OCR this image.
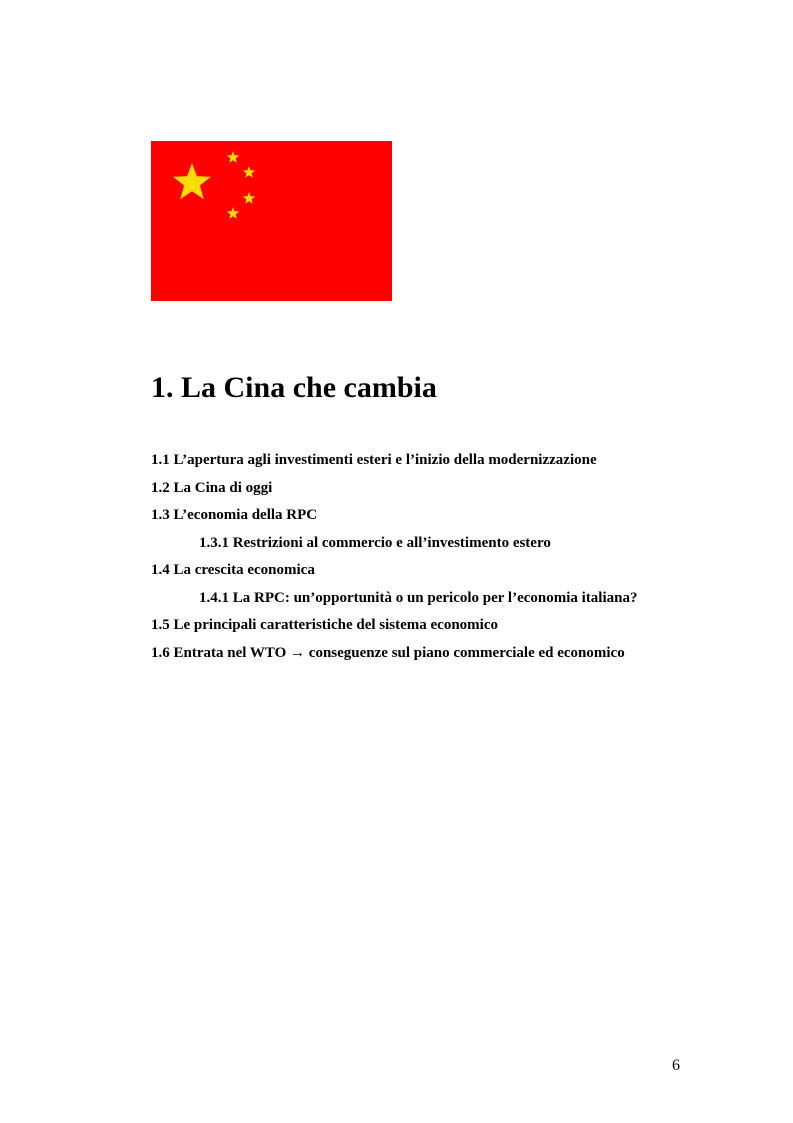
1. La Cina che cambia
1.1 L’apertura agli investimenti esteri e l’inizio della modernizzazione
1.2 La Cina di oggi
1.3 L’economia della RPC
1.3.1 Restrizioni al commercio e all’investimento estero
1.4 La crescita economica
1.4.1 La RPC: un’opportunità o un pericolo per l’economia italiana?
1.5 Le principali caratteristiche del sistema economico
1.6 Entrata nel WTO → conseguenze sul piano commerciale ed economico
6
